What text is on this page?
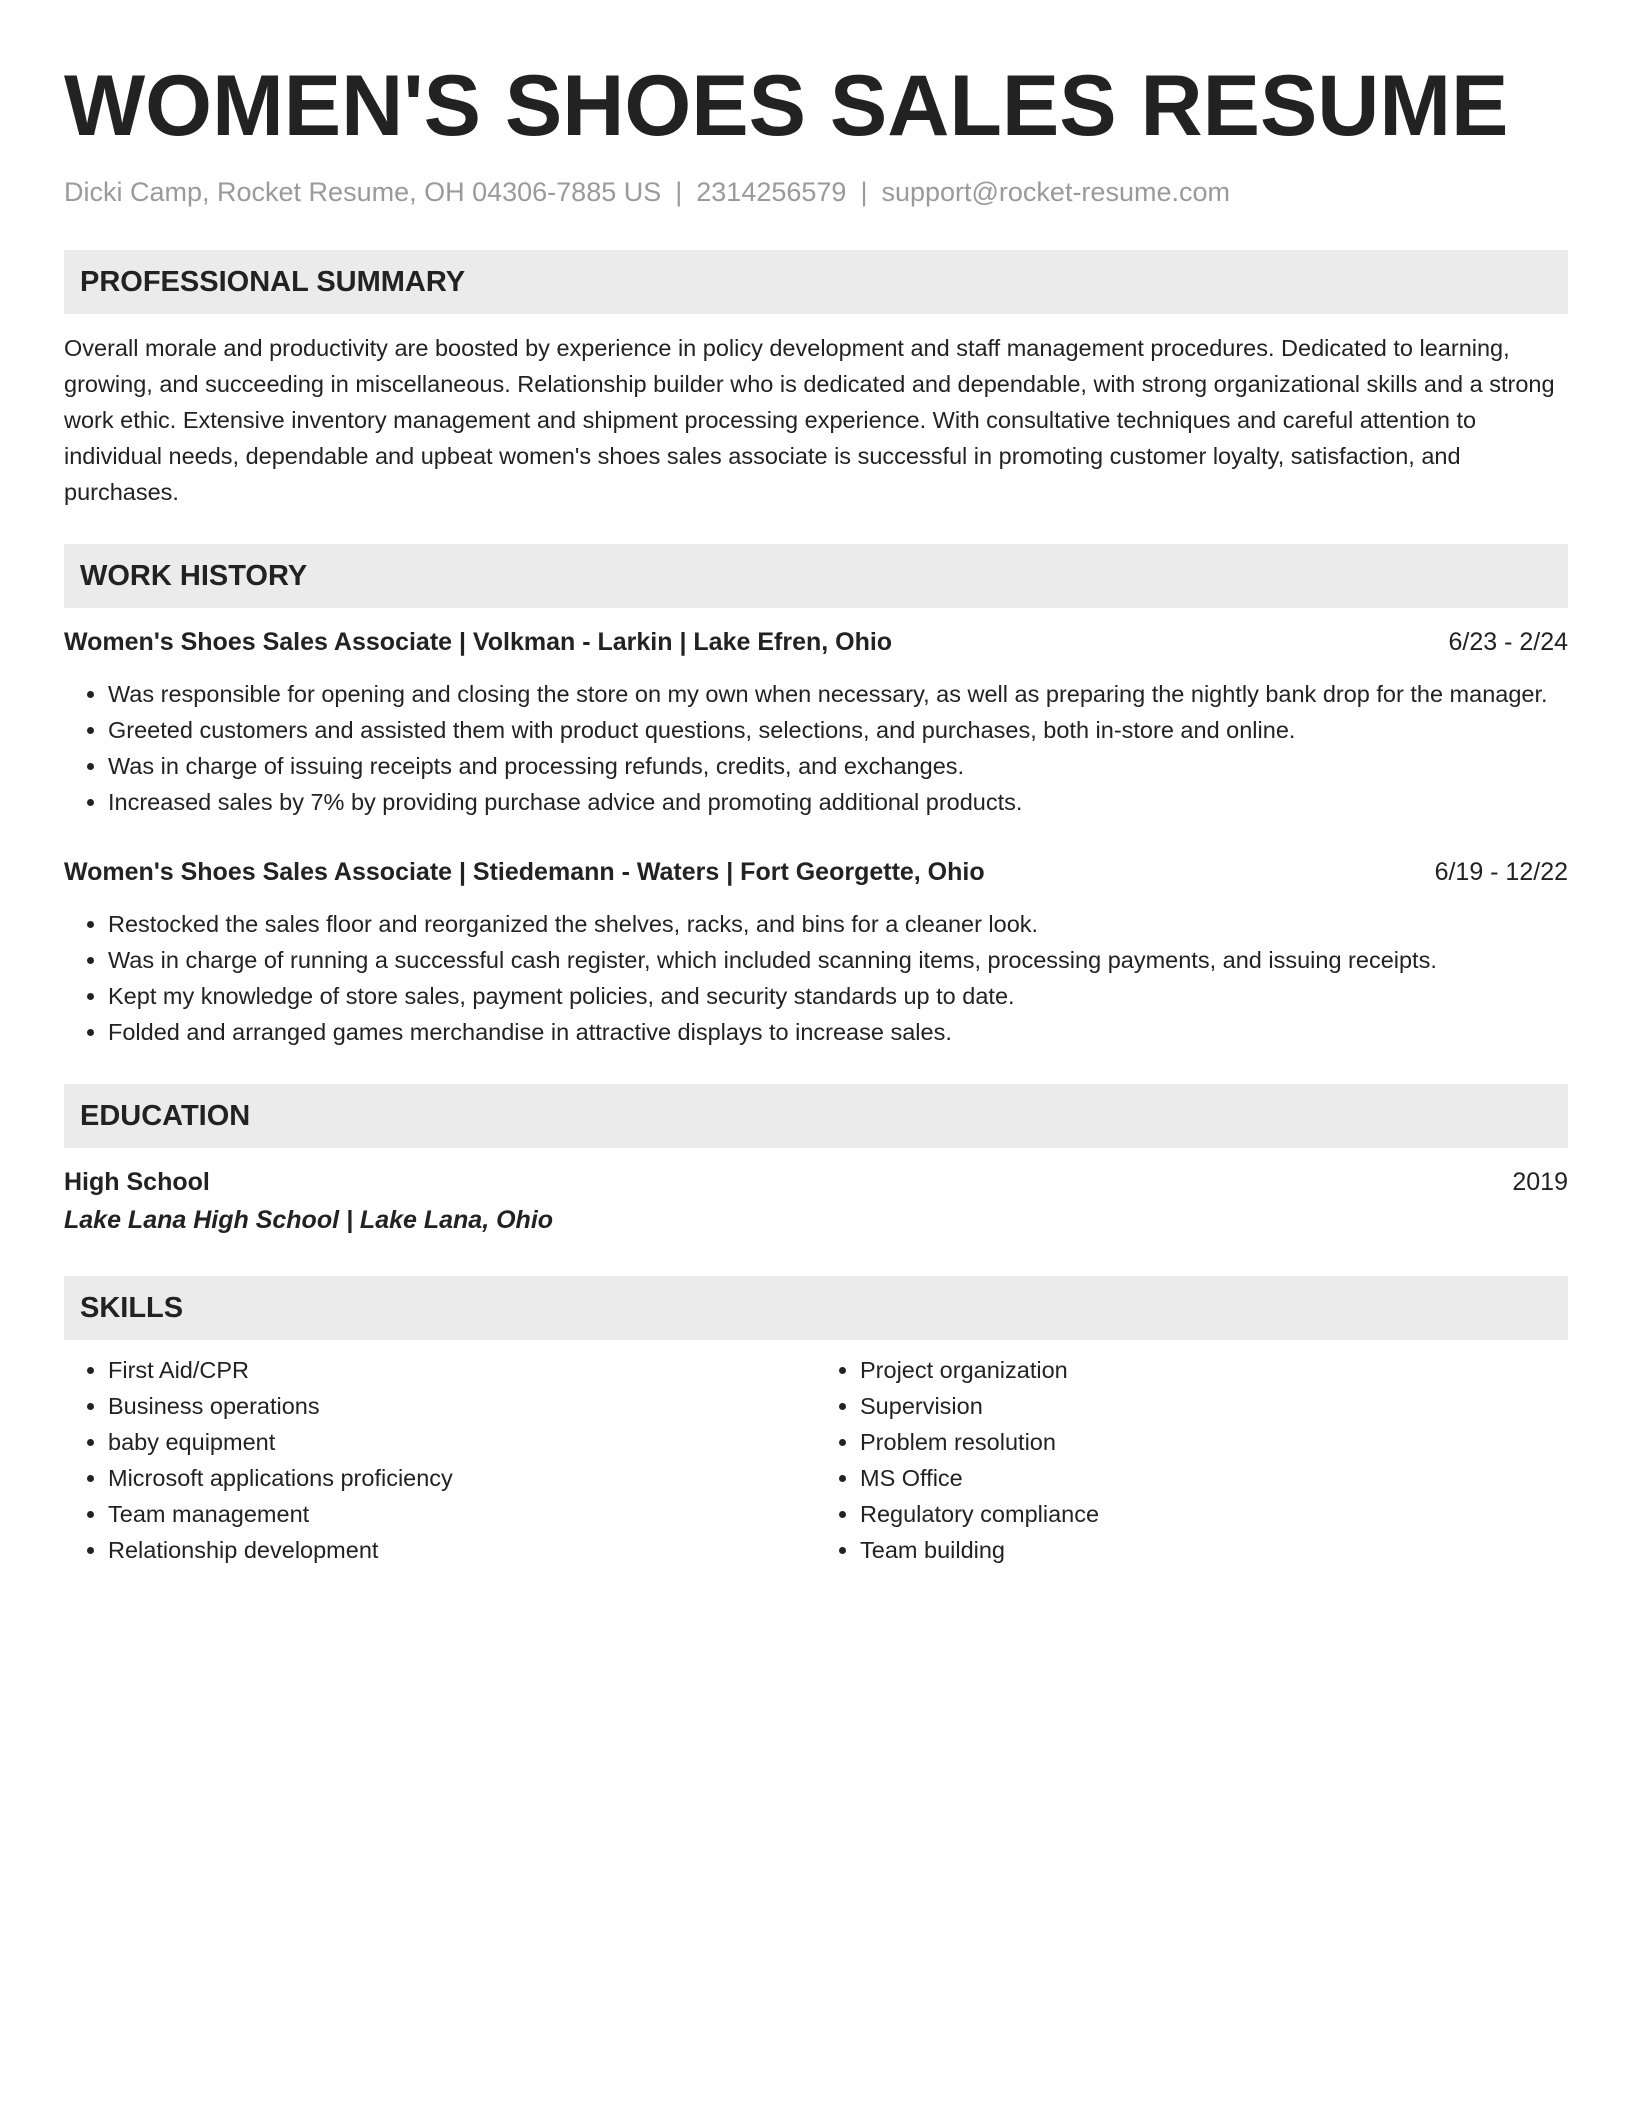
WOMEN'S SHOES SALES RESUME
Dicki Camp, Rocket Resume, OH 04306-7885 US | 2314256579 | support@rocket-resume.com
PROFESSIONAL SUMMARY

Overall morale and productivity are boosted by experience in policy development and staff management procedures. Dedicated to learning, growing, and succeeding in miscellaneous. Relationship builder who is dedicated and dependable, with strong organizational skills and a strong work ethic. Extensive inventory management and shipment processing experience. With consultative techniques and careful attention to individual needs, dependable and upbeat women's shoes sales associate is successful in promoting customer loyalty, satisfaction, and purchases.

WORK HISTORY
Women's Shoes Sales Associate | Volkman - Larkin | Lake Efren, Ohio	6/23 - 2/24
• Was responsible for opening and closing the store on my own when necessary, as well as preparing the nightly bank drop for the manager.
• Greeted customers and assisted them with product questions, selections, and purchases, both in-store and online.
• Was in charge of issuing receipts and processing refunds, credits, and exchanges.
• Increased sales by 7% by providing purchase advice and promoting additional products.
Women's Shoes Sales Associate | Stiedemann - Waters | Fort Georgette, Ohio	6/19 - 12/22
• Restocked the sales floor and reorganized the shelves, racks, and bins for a cleaner look.
• Was in charge of running a successful cash register, which included scanning items, processing payments, and issuing receipts.
• Kept my knowledge of store sales, payment policies, and security standards up to date.
• Folded and arranged games merchandise in attractive displays to increase sales.
EDUCATION
High School	2019
Lake Lana High School | Lake Lana, Ohio
SKILLS
• First Aid/CPR
• Business operations
• baby equipment
• Microsoft applications proficiency
• Team management
• Relationship development
• Project organization
• Supervision
• Problem resolution
• MS Office
• Regulatory compliance
• Team building
